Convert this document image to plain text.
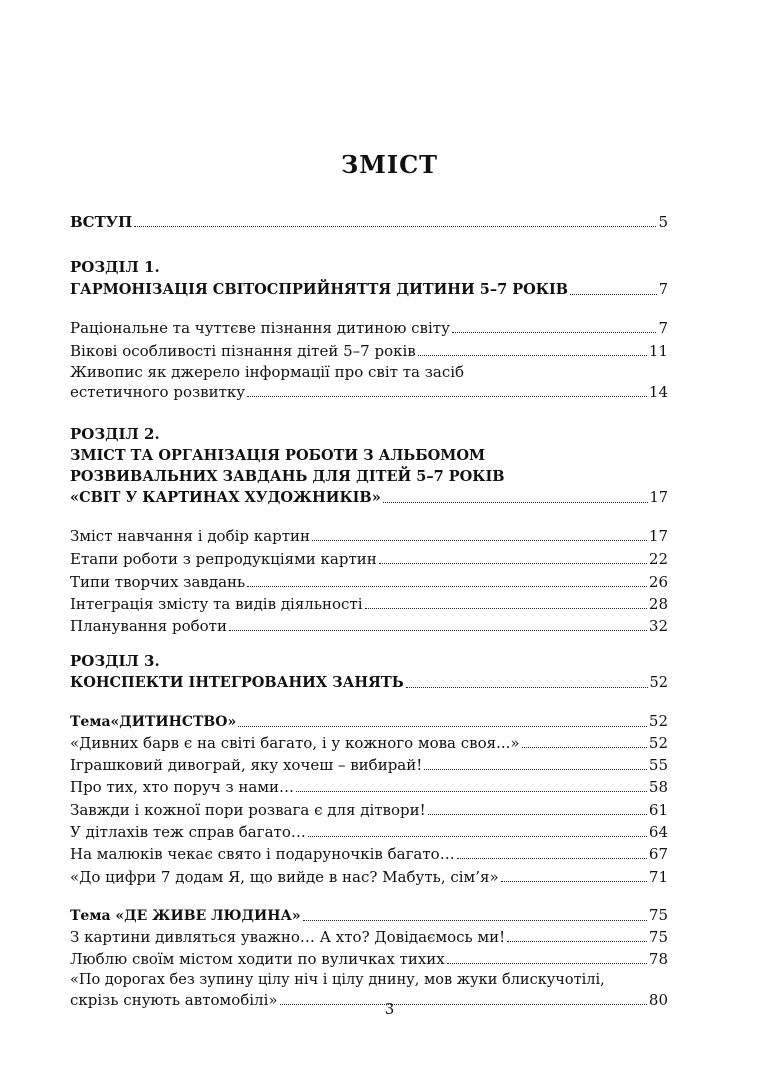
ЗМІСТ
ВСТУП	5
РОЗДІЛ 1.
ГАРМОНІЗАЦІЯ СВІТОСПРИЙНЯТТЯ ДИТИНИ 5–7 РОКІВ	7
Раціональне та чуттєве пізнання дитиною світу	7
Вікові особливості пізнання дітей 5–7 років	11
Живопис як джерело інформації про світ та засіб
естетичного розвитку	14
РОЗДІЛ 2.
ЗМІСТ ТА ОРГАНІЗАЦІЯ РОБОТИ З АЛЬБОМОМ
РОЗВИВАЛЬНИХ ЗАВДАНЬ ДЛЯ ДІТЕЙ 5–7 РОКІВ
«СВІТ У КАРТИНАХ ХУДОЖНИКІВ»	17
Зміст навчання і добір картин	17
Етапи роботи з репродукціями картин	22
Типи творчих завдань	26
Інтеграція змісту та видів діяльності	28
Планування роботи	32
РОЗДІЛ 3.
КОНСПЕКТИ ІНТЕГРОВАНИХ ЗАНЯТЬ	52
Тема«ДИТИНСТВО»	52
«Дивних барв є на світі багато, і у кожного мова своя...»	52
Іграшковий дивограй, яку хочеш – вибирай!	55
Про тих, хто поруч з нами…	58
Завжди і кожної пори розвага є для дітвори!	61
У дітлахів теж справ багато…	64
На малюків чекає свято і подаруночків багато…	67
«До цифри 7 додам Я, що вийде в нас? Мабуть, сім’я»	71
Тема «ДЕ ЖИВЕ ЛЮДИНА»	75
З картини дивляться уважно… А хто? Довідаємось ми!	75
Люблю своїм містом ходити по вуличках тихих	78
«По дорогах без зупину цілу ніч і цілу днину, мов жуки блискучотілі,
скрізь снують автомобілі»	80
3
